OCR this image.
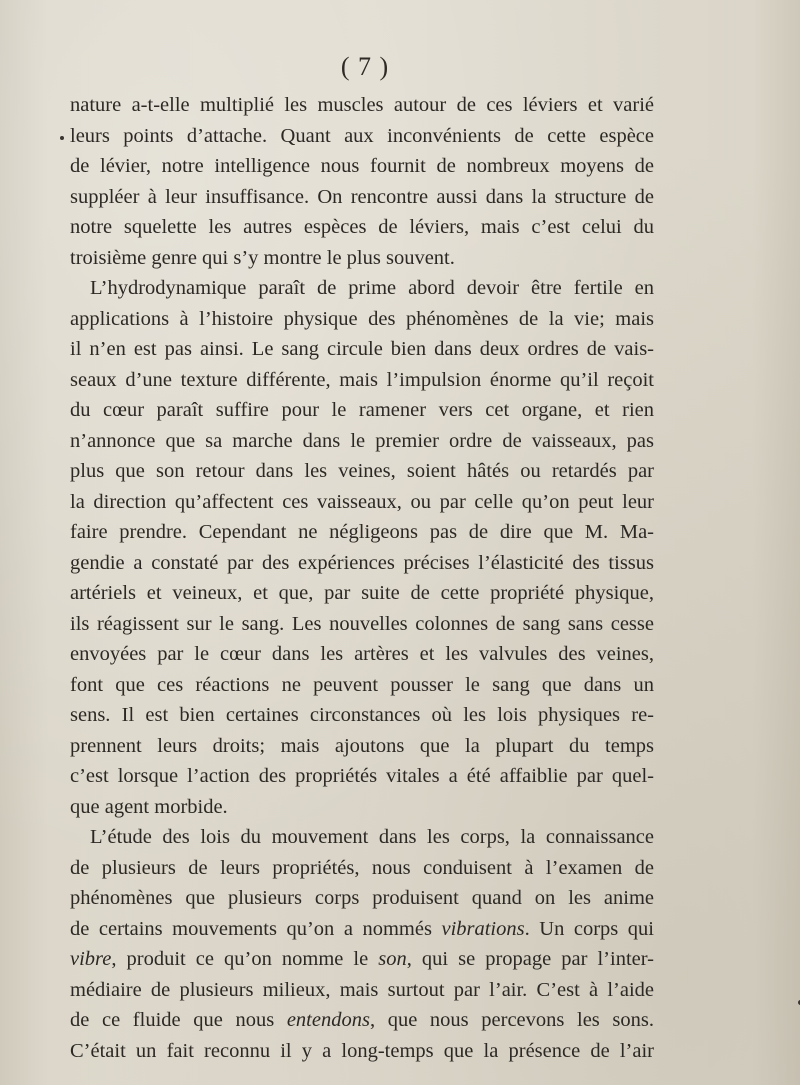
( 7 )
nature a-t-elle multiplié les muscles autour de ces léviers et varié
leurs points d’attache. Quant aux inconvénients de cette espèce
de lévier, notre intelligence nous fournit de nombreux moyens de
suppléer à leur insuffisance. On rencontre aussi dans la structure de
notre squelette les autres espèces de léviers, mais c’est celui du
troisième genre qui s’y montre le plus souvent.
L’hydrodynamique paraît de prime abord devoir être fertile en
applications à l’histoire physique des phénomènes de la vie; mais
il n’en est pas ainsi. Le sang circule bien dans deux ordres de vais-
seaux d’une texture différente, mais l’impulsion énorme qu’il reçoit
du cœur paraît suffire pour le ramener vers cet organe, et rien
n’annonce que sa marche dans le premier ordre de vaisseaux, pas
plus que son retour dans les veines, soient hâtés ou retardés par
la direction qu’affectent ces vaisseaux, ou par celle qu’on peut leur
faire prendre. Cependant ne négligeons pas de dire que M. Ma-
gendie a constaté par des expériences précises l’élasticité des tissus
artériels et veineux, et que, par suite de cette propriété physique,
ils réagissent sur le sang. Les nouvelles colonnes de sang sans cesse
envoyées par le cœur dans les artères et les valvules des veines,
font que ces réactions ne peuvent pousser le sang que dans un
sens. Il est bien certaines circonstances où les lois physiques re-
prennent leurs droits; mais ajoutons que la plupart du temps
c’est lorsque l’action des propriétés vitales a été affaiblie par quel-
que agent morbide.
L’étude des lois du mouvement dans les corps, la connaissance
de plusieurs de leurs propriétés, nous conduisent à l’examen de
phénomènes que plusieurs corps produisent quand on les anime
de certains mouvements qu’on a nommés vibrations. Un corps qui
vibre, produit ce qu’on nomme le son, qui se propage par l’inter-
médiaire de plusieurs milieux, mais surtout par l’air. C’est à l’aide
de ce fluide que nous entendons, que nous percevons les sons.
C’était un fait reconnu il y a long-temps que la présence de l’air
